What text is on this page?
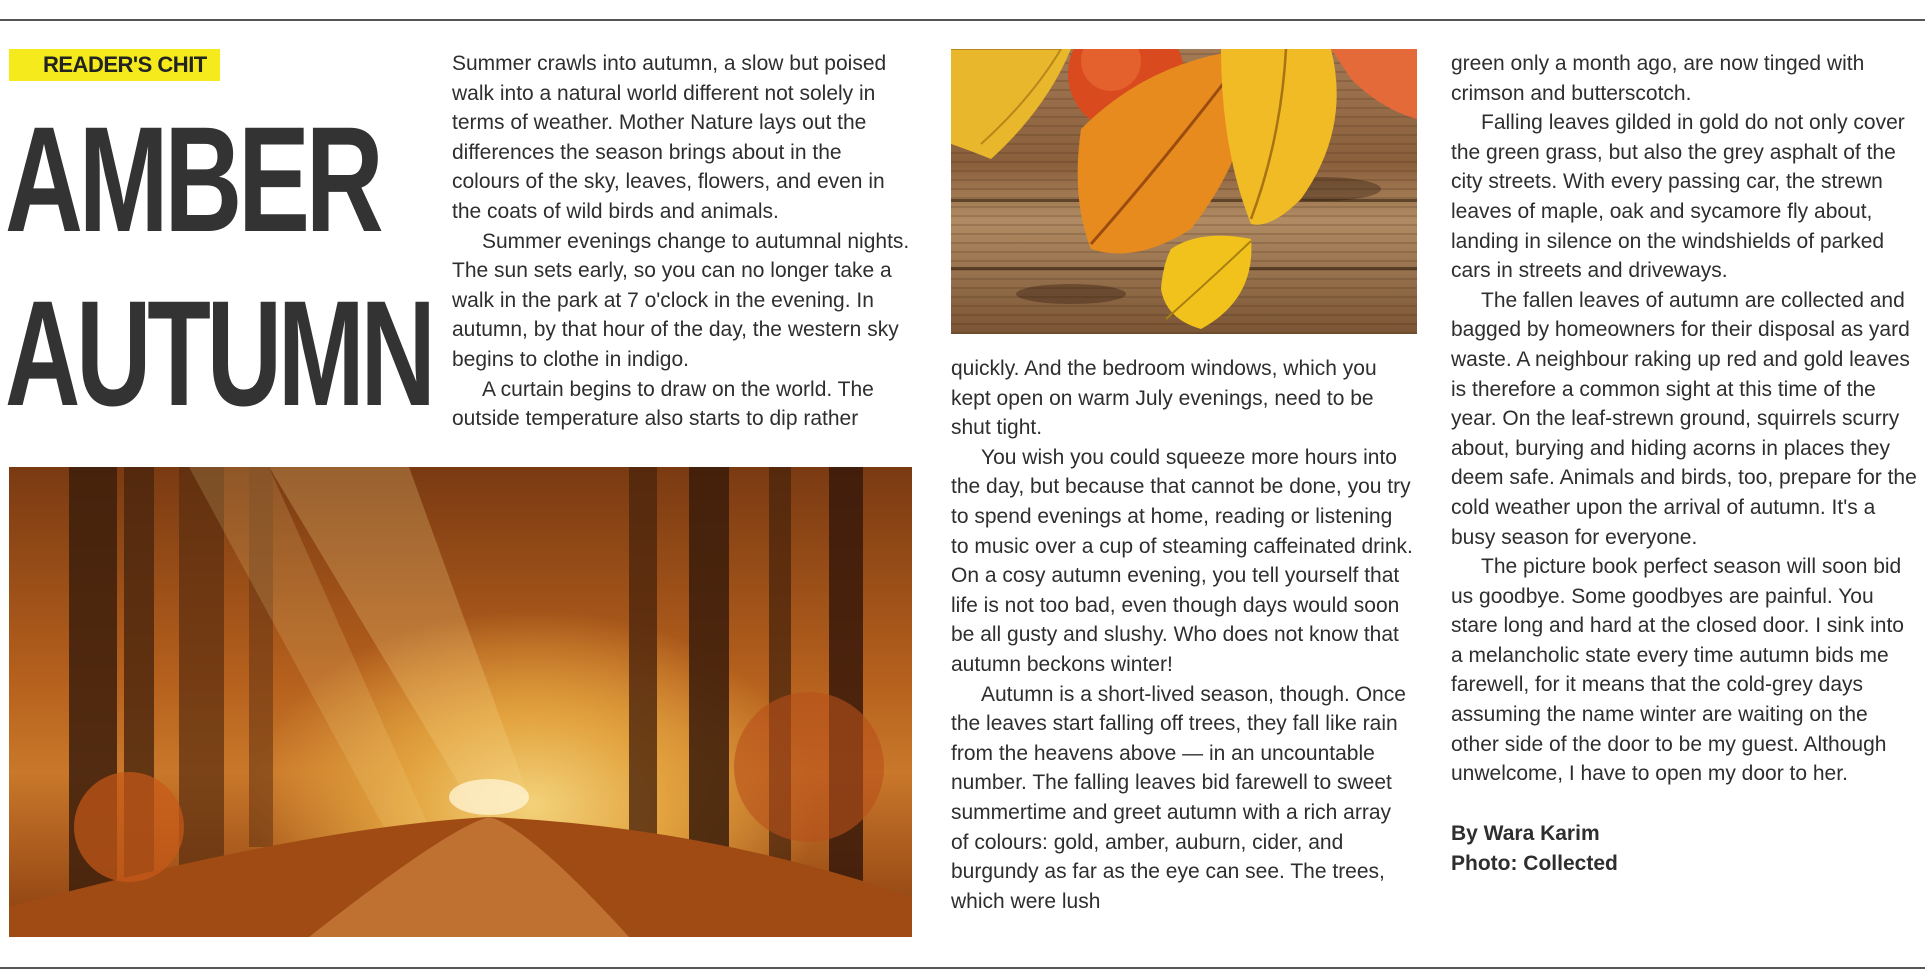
READER'S CHIT
AMBER
AUTUMN

Summer crawls into autumn, a slow but poised walk into a natural world different not solely in terms of weather. Mother Nature lays out the differences the season brings about in the colours of the sky, leaves, flowers, and even in the coats of wild birds and animals.

Summer evenings change to autumnal nights. The sun sets early, so you can no longer take a walk in the park at 7 o'clock in the evening. In autumn, by that hour of the day, the western sky begins to clothe in indigo.

A curtain begins to draw on the world. The outside temperature also starts to dip rather

quickly. And the bedroom windows, which you kept open on warm July evenings, need to be shut tight.

You wish you could squeeze more hours into the day, but because that cannot be done, you try to spend evenings at home, reading or listening to music over a cup of steaming caffeinated drink. On a cosy autumn evening, you tell yourself that life is not too bad, even though days would soon be all gusty and slushy. Who does not know that autumn beckons winter!

Autumn is a short-lived season, though. Once the leaves start falling off trees, they fall like rain from the heavens above — in an uncountable number. The falling leaves bid farewell to sweet summertime and greet autumn with a rich array of colours: gold, amber, auburn, cider, and burgundy as far as the eye can see. The trees, which were lush

green only a month ago, are now tinged with crimson and butterscotch.

Falling leaves gilded in gold do not only cover the green grass, but also the grey asphalt of the city streets. With every passing car, the strewn leaves of maple, oak and sycamore fly about, landing in silence on the windshields of parked cars in streets and driveways.

The fallen leaves of autumn are collected and bagged by homeowners for their disposal as yard waste. A neighbour raking up red and gold leaves is therefore a common sight at this time of the year. On the leaf-strewn ground, squirrels scurry about, burying and hiding acorns in places they deem safe. Animals and birds, too, prepare for the cold weather upon the arrival of autumn. It's a busy season for everyone.

The picture book perfect season will soon bid us goodbye. Some goodbyes are painful. You stare long and hard at the closed door. I sink into a melancholic state every time autumn bids me farewell, for it means that the cold-grey days assuming the name winter are waiting on the other side of the door to be my guest. Although unwelcome, I have to open my door to her.

By Wara Karim
Photo: Collected
